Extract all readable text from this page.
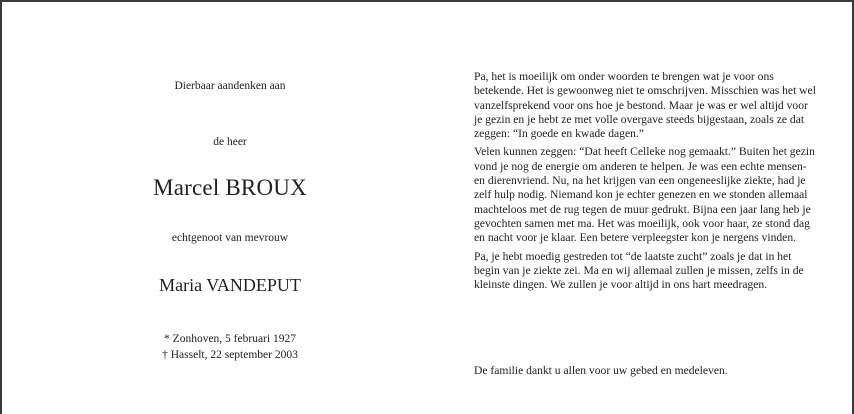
Dierbaar aandenken aan
de heer
Marcel BROUX
echtgenoot van mevrouw
Maria VANDEPUT
* Zonhoven, 5 februari 1927
† Hasselt, 22 september 2003

Pa, het is moeilijk om onder woorden te brengen wat je voor ons betekende. Het is gewoonweg niet te omschrijven. Misschien was het wel vanzelfsprekend voor ons hoe je bestond. Maar je was er wel altijd voor je gezin en je hebt ze met volle overgave steeds bijgestaan, zoals ze dat zeggen: “In goede en kwade dagen.”

Velen kunnen zeggen: “Dat heeft Celleke nog gemaakt.” Buiten het gezin vond je nog de energie om anderen te helpen. Je was een echte mensen- en dierenvriend. Nu, na het krijgen van een ongeneeslijke ziekte, had je zelf hulp nodig. Niemand kon je echter genezen en we stonden allemaal machteloos met de rug tegen de muur gedrukt. Bijna een jaar lang heb je gevochten samen met ma. Het was moeilijk, ook voor haar, ze stond dag en nacht voor je klaar. Een betere verpleegster kon je nergens vinden.

Pa, je hebt moedig gestreden tot “de laatste zucht” zoals je dat in het begin van je ziekte zei. Ma en wij allemaal zullen je missen, zelfs in de kleinste dingen. We zullen je voor altijd in ons hart meedragen.

De familie dankt u allen voor uw gebed en medeleven.
